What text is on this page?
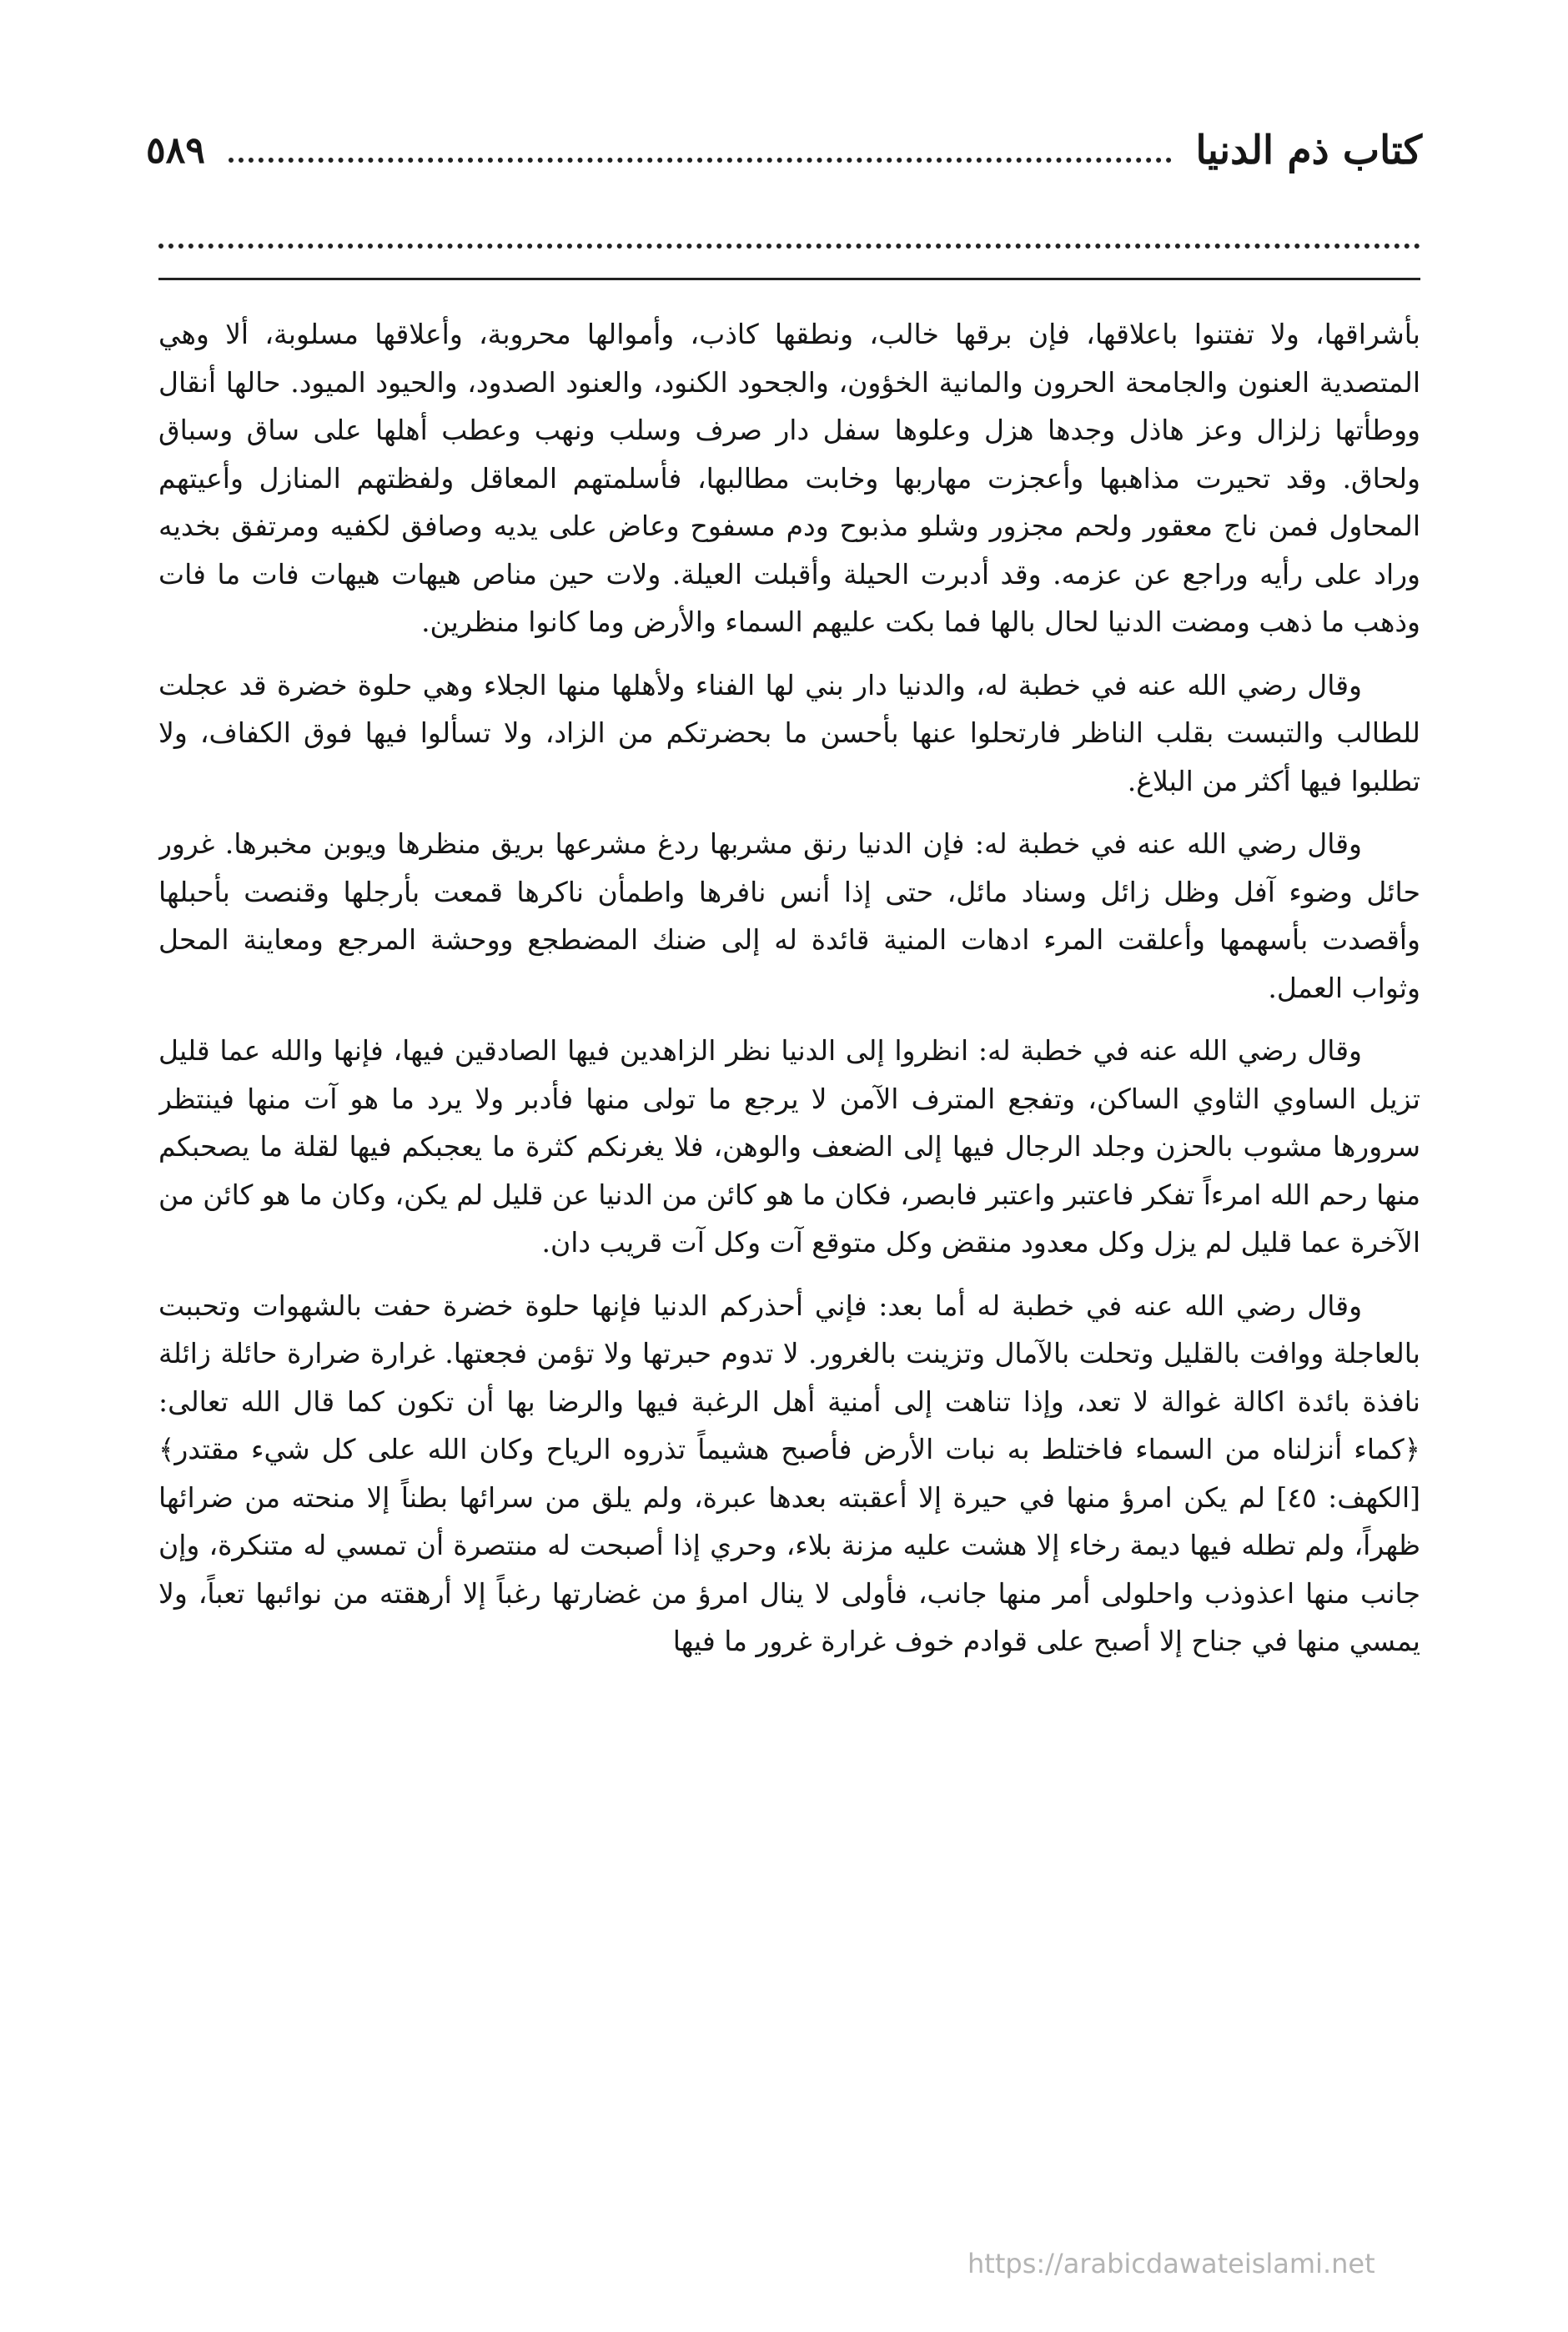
كتاب ذم الدنيا
٥٨٩

بأشراقها، ولا تفتنوا باعلاقها، فإن برقها خالب، ونطقها كاذب، وأموالها محروبة، وأعلاقها مسلوبة، ألا وهي المتصدية العنون والجامحة الحرون والمانية الخؤون، والجحود الكنود، والعنود الصدود، والحيود الميود. حالها أنقال ووطأتها زلزال وعز هاذل وجدها هزل وعلوها سفل دار صرف وسلب ونهب وعطب أهلها على ساق وسباق ولحاق. وقد تحيرت مذاهبها وأعجزت مهاربها وخابت مطالبها، فأسلمتهم المعاقل ولفظتهم المنازل وأعيتهم المحاول فمن ناج معقور ولحم مجزور وشلو مذبوح ودم مسفوح وعاض على يديه وصافق لكفيه ومرتفق بخديه وراد على رأيه وراجع عن عزمه. وقد أدبرت الحيلة وأقبلت العيلة. ولات حين مناص هيهات هيهات فات ما فات وذهب ما ذهب ومضت الدنيا لحال بالها فما بكت عليهم السماء والأرض وما كانوا منظرين.

وقال رضي الله عنه في خطبة له، والدنيا دار بني لها الفناء ولأهلها منها الجلاء وهي حلوة خضرة قد عجلت للطالب والتبست بقلب الناظر فارتحلوا عنها بأحسن ما بحضرتكم من الزاد، ولا تسألوا فيها فوق الكفاف، ولا تطلبوا فيها أكثر من البلاغ.

وقال رضي الله عنه في خطبة له: فإن الدنيا رنق مشربها ردغ مشرعها بريق منظرها ويوبن مخبرها. غرور حائل وضوء آفل وظل زائل وسناد مائل، حتى إذا أنس نافرها واطمأن ناكرها قمعت بأرجلها وقنصت بأحبلها وأقصدت بأسهمها وأعلقت المرء ادهات المنية قائدة له إلى ضنك المضطجع ووحشة المرجع ومعاينة المحل وثواب العمل.

وقال رضي الله عنه في خطبة له: انظروا إلى الدنيا نظر الزاهدين فيها الصادقين فيها، فإنها والله عما قليل تزيل الساوي الثاوي الساكن، وتفجع المترف الآمن لا يرجع ما تولى منها فأدبر ولا يرد ما هو آت منها فينتظر سرورها مشوب بالحزن وجلد الرجال فيها إلى الضعف والوهن، فلا يغرنكم كثرة ما يعجبكم فيها لقلة ما يصحبكم منها رحم الله امرءاً تفكر فاعتبر واعتبر فابصر، فكان ما هو كائن من الدنيا عن قليل لم يكن، وكان ما هو كائن من الآخرة عما قليل لم يزل وكل معدود منقض وكل متوقع آت وكل آت قريب دان.

وقال رضي الله عنه في خطبة له أما بعد: فإني أحذركم الدنيا فإنها حلوة خضرة حفت بالشهوات وتحببت بالعاجلة ووافت بالقليل وتحلت بالآمال وتزينت بالغرور. لا تدوم حبرتها ولا تؤمن فجعتها. غرارة ضرارة حائلة زائلة نافذة بائدة اكالة غوالة لا تعد، وإذا تناهت إلى أمنية أهل الرغبة فيها والرضا بها أن تكون كما قال الله تعالى: ﴿كماء أنزلناه من السماء فاختلط به نبات الأرض فأصبح هشيماً تذروه الرياح وكان الله على كل شيء مقتدر﴾ [الكهف: ٤٥] لم يكن امرؤ منها في حيرة إلا أعقبته بعدها عبرة، ولم يلق من سرائها بطناً إلا منحته من ضرائها ظهراً، ولم تطله فيها ديمة رخاء إلا هشت عليه مزنة بلاء، وحري إذا أصبحت له منتصرة أن تمسي له متنكرة، وإن جانب منها اعذوذب واحلولى أمر منها جانب، فأولى لا ينال امرؤ من غضارتها رغباً إلا أرهقته من نوائبها تعباً، ولا يمسي منها في جناح إلا أصبح على قوادم خوف غرارة غرور ما فيها

https://arabicdawateislami.net
